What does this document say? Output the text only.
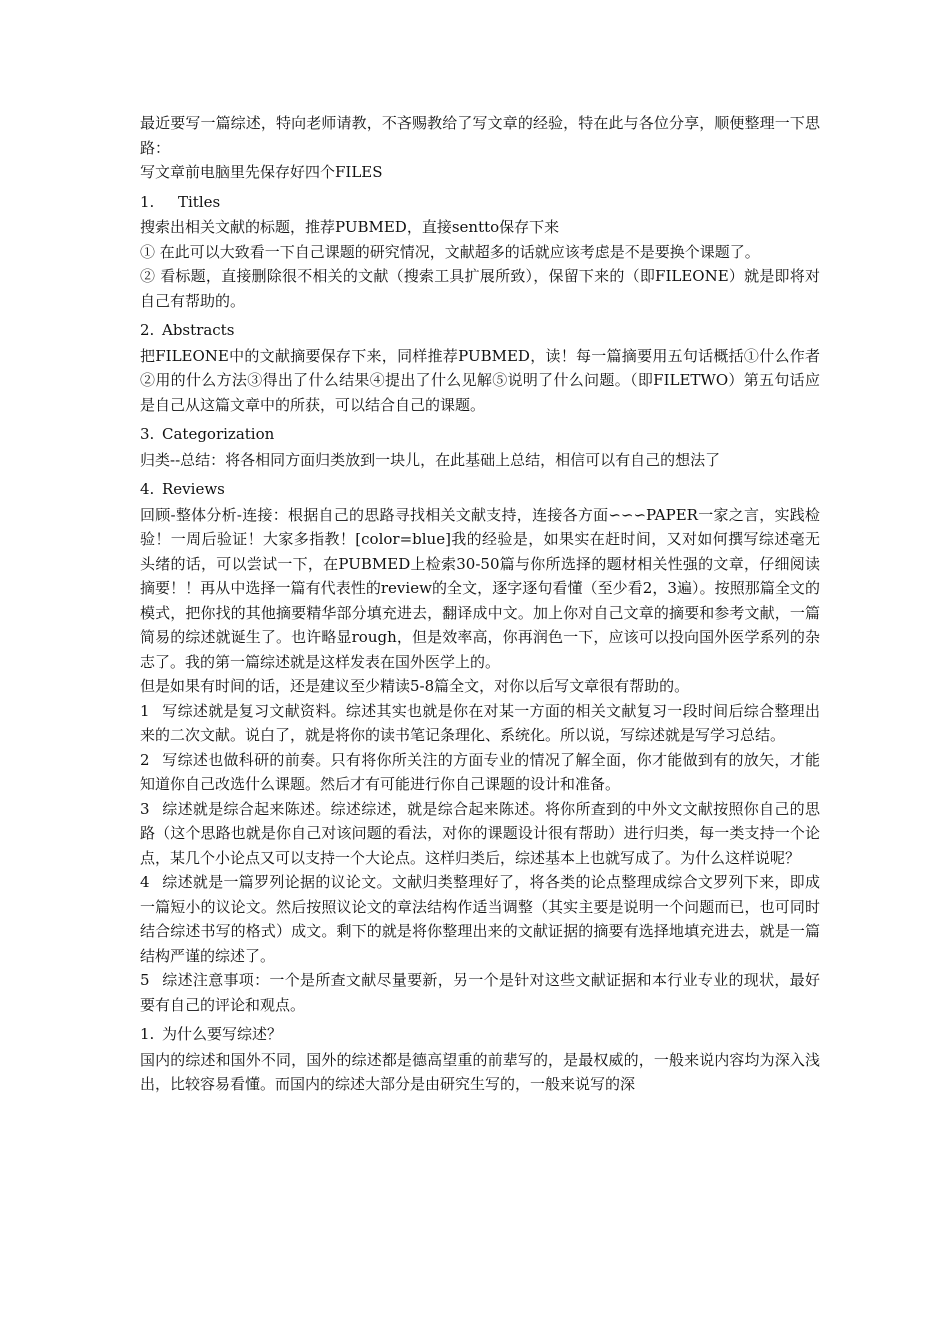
最近要写一篇综述，特向老师请教，不吝赐教给了写文章的经验，特在此与各位分享，顺便整理一下思路：

写文章前电脑里先保存好四个FILES

1. Titles

搜索出相关文献的标题，推荐PUBMED，直接sentto保存下来

① 在此可以大致看一下自己课题的研究情况，文献超多的话就应该考虑是不是要换个课题了。

② 看标题，直接删除很不相关的文献（搜索工具扩展所致），保留下来的（即FILEONE）就是即将对自己有帮助的。

2. Abstracts

把FILEONE中的文献摘要保存下来，同样推荐PUBMED，读！每一篇摘要用五句话概括①什么作者②用的什么方法③得出了什么结果④提出了什么见解⑤说明了什么问题。（即FILETWO）第五句话应是自己从这篇文章中的所获，可以结合自己的课题。

3. Categorization

归类--总结：将各相同方面归类放到一块儿，在此基础上总结，相信可以有自己的想法了

4. Reviews

回顾-整体分析-连接：根据自己的思路寻找相关文献支持，连接各方面∽∽∽PAPER一家之言，实践检验！一周后验证！大家多指教！[color=blue]我的经验是，如果实在赶时间，又对如何撰写综述毫无头绪的话，可以尝试一下，在PUBMED上检索30-50篇与你所选择的题材相关性强的文章，仔细阅读摘要！！再从中选择一篇有代表性的review的全文，逐字逐句看懂（至少看2，3遍）。按照那篇全文的模式，把你找的其他摘要精华部分填充进去，翻译成中文。加上你对自己文章的摘要和参考文献，一篇简易的综述就诞生了。也许略显rough，但是效率高，你再润色一下，应该可以投向国外医学系列的杂志了。我的第一篇综述就是这样发表在国外医学上的。

但是如果有时间的话，还是建议至少精读5-8篇全文，对你以后写文章很有帮助的。

1 写综述就是复习文献资料。综述其实也就是你在对某一方面的相关文献复习一段时间后综合整理出来的二次文献。说白了，就是将你的读书笔记条理化、系统化。所以说，写综述就是写学习总结。

2 写综述也做科研的前奏。只有将你所关注的方面专业的情况了解全面，你才能做到有的放矢，才能知道你自己改选什么课题。然后才有可能进行你自己课题的设计和准备。

3 综述就是综合起来陈述。综述综述，就是综合起来陈述。将你所查到的中外文文献按照你自己的思路（这个思路也就是你自己对该问题的看法，对你的课题设计很有帮助）进行归类，每一类支持一个论点，某几个小论点又可以支持一个大论点。这样归类后，综述基本上也就写成了。为什么这样说呢？

4 综述就是一篇罗列论据的议论文。文献归类整理好了，将各类的论点整理成综合文罗列下来，即成一篇短小的议论文。然后按照议论文的章法结构作适当调整（其实主要是说明一个问题而已，也可同时结合综述书写的格式）成文。剩下的就是将你整理出来的文献证据的摘要有选择地填充进去，就是一篇结构严谨的综述了。

5 综述注意事项：一个是所查文献尽量要新，另一个是针对这些文献证据和本行业专业的现状，最好要有自己的评论和观点。

1. 为什么要写综述？

国内的综述和国外不同，国外的综述都是德高望重的前辈写的，是最权威的，一般来说内容均为深入浅出，比较容易看懂。而国内的综述大部分是由研究生写的，一般来说写的深
